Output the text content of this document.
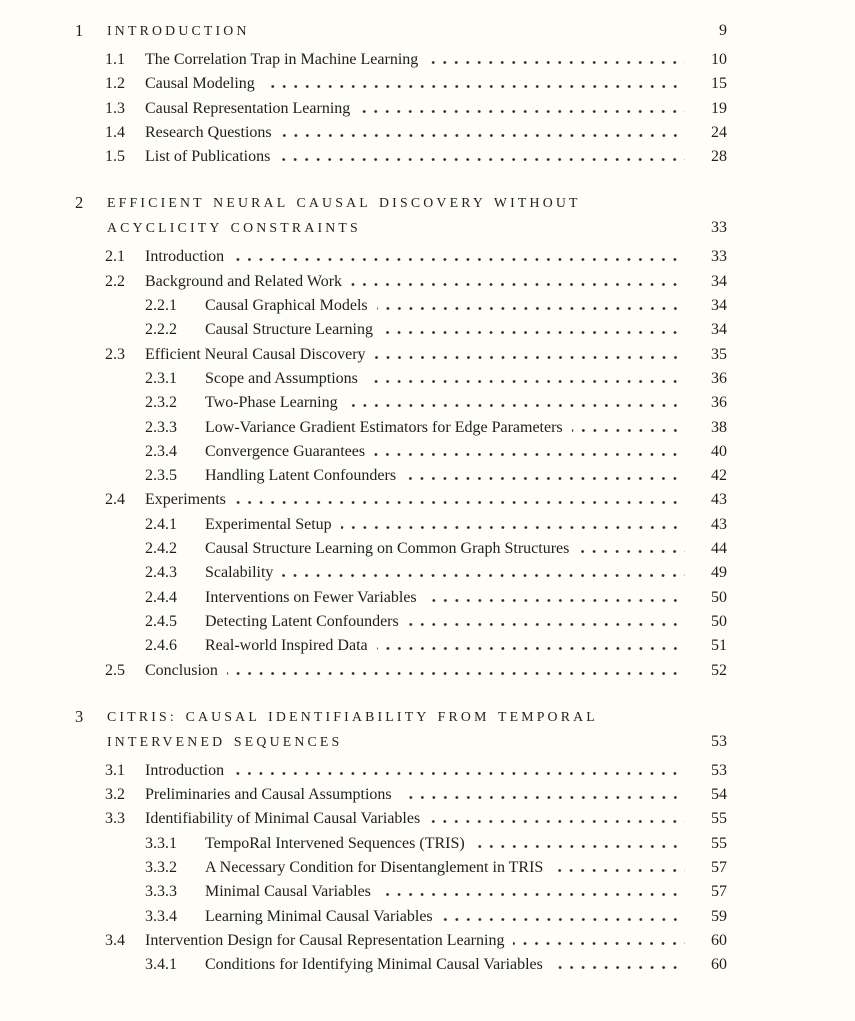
1	INTRODUCTION	9
1.1	The Correlation Trap in Machine Learning	10
1.2	Causal Modeling	15
1.3	Causal Representation Learning	19
1.4	Research Questions	24
1.5	List of Publications	28
2	EFFICIENT NEURAL CAUSAL DISCOVERY WITHOUT
ACYCLICITY CONSTRAINTS	33
2.1	Introduction	33
2.2	Background and Related Work	34
2.2.1	Causal Graphical Models	34
2.2.2	Causal Structure Learning	34
2.3	Efficient Neural Causal Discovery	35
2.3.1	Scope and Assumptions	36
2.3.2	Two-Phase Learning	36
2.3.3	Low-Variance Gradient Estimators for Edge Parameters	38
2.3.4	Convergence Guarantees	40
2.3.5	Handling Latent Confounders	42
2.4	Experiments	43
2.4.1	Experimental Setup	43
2.4.2	Causal Structure Learning on Common Graph Structures	44
2.4.3	Scalability	49
2.4.4	Interventions on Fewer Variables	50
2.4.5	Detecting Latent Confounders	50
2.4.6	Real-world Inspired Data	51
2.5	Conclusion	52
3	CITRIS: CAUSAL IDENTIFIABILITY FROM TEMPORAL
INTERVENED SEQUENCES	53
3.1	Introduction	53
3.2	Preliminaries and Causal Assumptions	54
3.3	Identifiability of Minimal Causal Variables	55
3.3.1	TempoRal Intervened Sequences (TRIS)	55
3.3.2	A Necessary Condition for Disentanglement in TRIS	57
3.3.3	Minimal Causal Variables	57
3.3.4	Learning Minimal Causal Variables	59
3.4	Intervention Design for Causal Representation Learning	60
3.4.1	Conditions for Identifying Minimal Causal Variables	60
